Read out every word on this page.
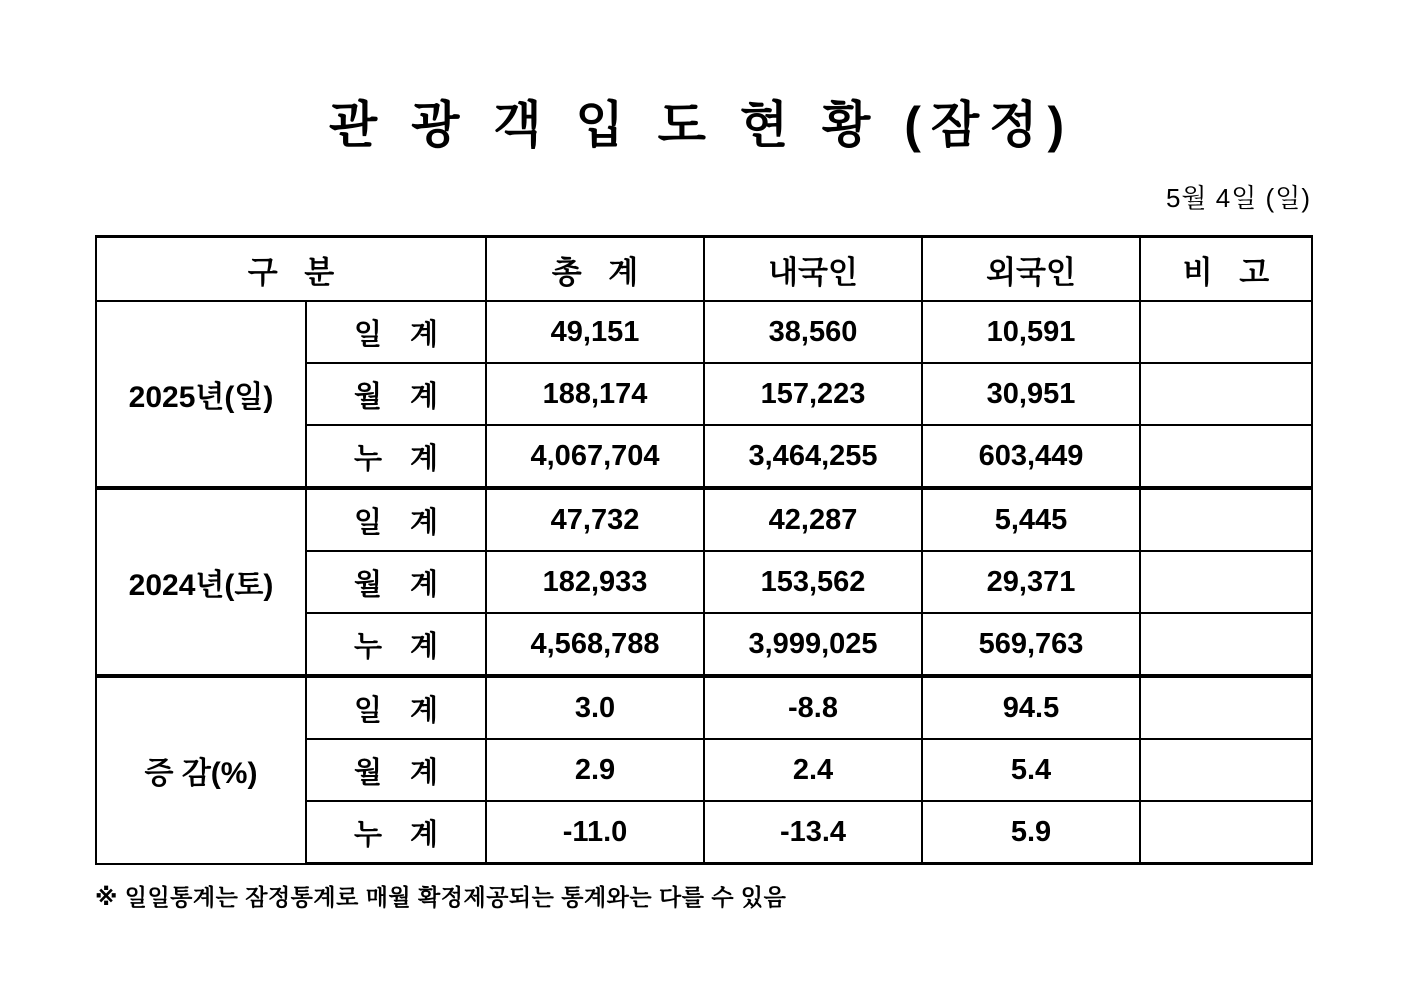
관 광 객 입 도 현 황 (잠정)
5월 4일 (일)
구 분		총 계	내국인	외국인	비 고
2025년(일)	일 계	49,151	38,560	10,591	
	월 계	188,174	157,223	30,951	
	누 계	4,067,704	3,464,255	603,449	
2024년(토)	일 계	47,732	42,287	5,445	
	월 계	182,933	153,562	29,371	
	누 계	4,568,788	3,999,025	569,763	
증 감(%)	일 계	3.0	-8.8	94.5	
	월 계	2.9	2.4	5.4	
	누 계	-11.0	-13.4	5.9	
※ 일일통계는 잠정통계로 매월 확정제공되는 통계와는 다를 수 있음
